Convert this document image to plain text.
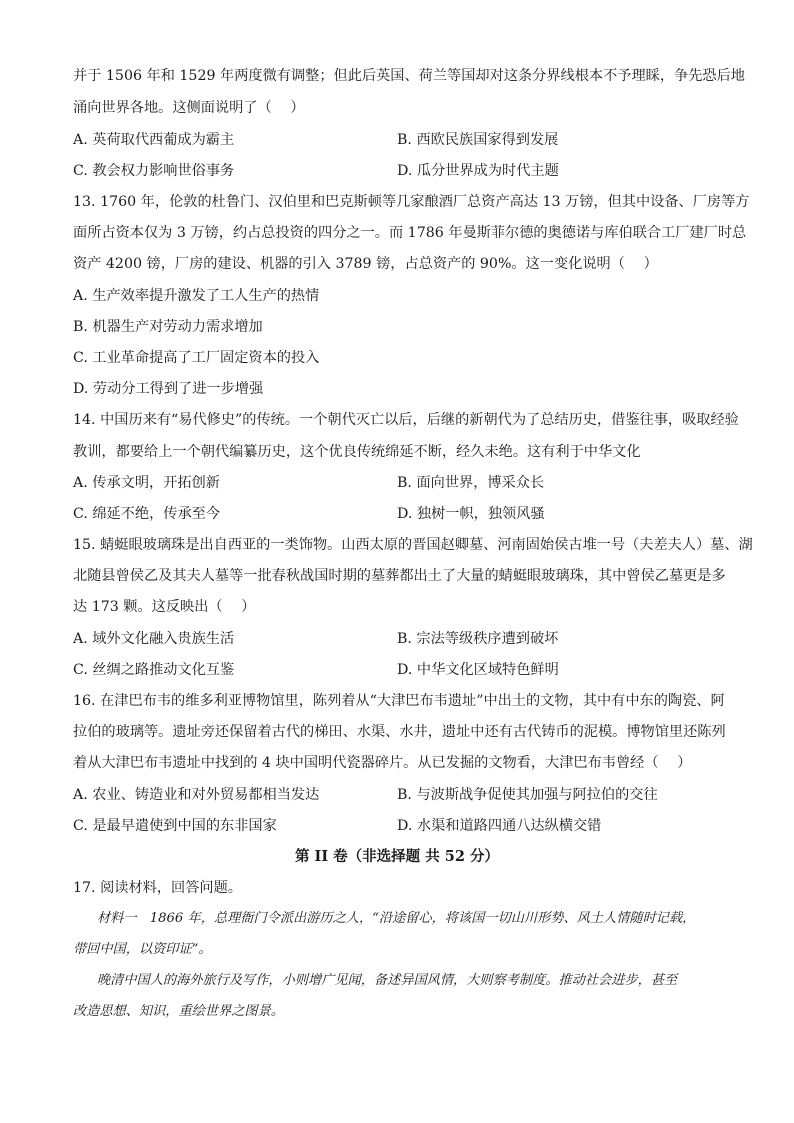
并于 1506 年和 1529 年两度微有调整；但此后英国、荷兰等国却对这条分界线根本不予理睬，争先恐后地
涌向世界各地。这侧面说明了（　 ）
A. 英荷取代西葡成为霸主	B. 西欧民族国家得到发展
C. 教会权力影响世俗事务	D. 瓜分世界成为时代主题
13. 1760 年，伦敦的杜鲁门、汉伯里和巴克斯顿等几家酿酒厂总资产高达 13 万镑，但其中设备、厂房等方
面所占资本仅为 3 万镑，约占总投资的四分之一。而 1786 年曼斯菲尔德的奥德诺与库伯联合工厂建厂时总
资产 4200 镑，厂房的建设、机器的引入 3789 镑，占总资产的 90%。这一变化说明（　 ）
A. 生产效率提升激发了工人生产的热情
B. 机器生产对劳动力需求增加
C. 工业革命提高了工厂固定资本的投入
D. 劳动分工得到了进一步增强
14. 中国历来有“易代修史”的传统。一个朝代灭亡以后，后继的新朝代为了总结历史，借鉴往事，吸取经验
教训，都要给上一个朝代编纂历史，这个优良传统绵延不断，经久未绝。这有利于中华文化
A. 传承文明，开拓创新	B. 面向世界，博采众长
C. 绵延不绝，传承至今	D. 独树一帜，独领风骚
15. 蜻蜓眼玻璃珠是出自西亚的一类饰物。山西太原的晋国赵卿墓、河南固始侯古堆一号（夫差夫人）墓、湖
北随县曾侯乙及其夫人墓等一批春秋战国时期的墓葬都出土了大量的蜻蜓眼玻璃珠，其中曾侯乙墓更是多
达 173 颗。这反映出（　 ）
A. 域外文化融入贵族生活	B. 宗法等级秩序遭到破坏
C. 丝绸之路推动文化互鉴	D. 中华文化区域特色鲜明
16. 在津巴布韦的维多利亚博物馆里，陈列着从“大津巴布韦遗址”中出土的文物，其中有中东的陶瓷、阿
拉伯的玻璃等。遗址旁还保留着古代的梯田、水渠、水井，遗址中还有古代铸币的泥模。博物馆里还陈列
着从大津巴布韦遗址中找到的 4 块中国明代瓷器碎片。从已发掘的文物看，大津巴布韦曾经（　 ）
A. 农业、铸造业和对外贸易都相当发达	B. 与波斯战争促使其加强与阿拉伯的交往
C. 是最早遣使到中国的东非国家	D. 水渠和道路四通八达纵横交错
第 II 卷（非选择题 共 52 分）
17. 阅读材料，回答问题。
材料一　1866 年，总理衙门令派出游历之人，“沿途留心，将该国一切山川形势、风土人情随时记载，
带回中国，以资印证”。
晚清中国人的海外旅行及写作，小则增广见闻，备述异国风情，大则察考制度。推动社会进步，甚至
改造思想、知识，重绘世界之图景。
